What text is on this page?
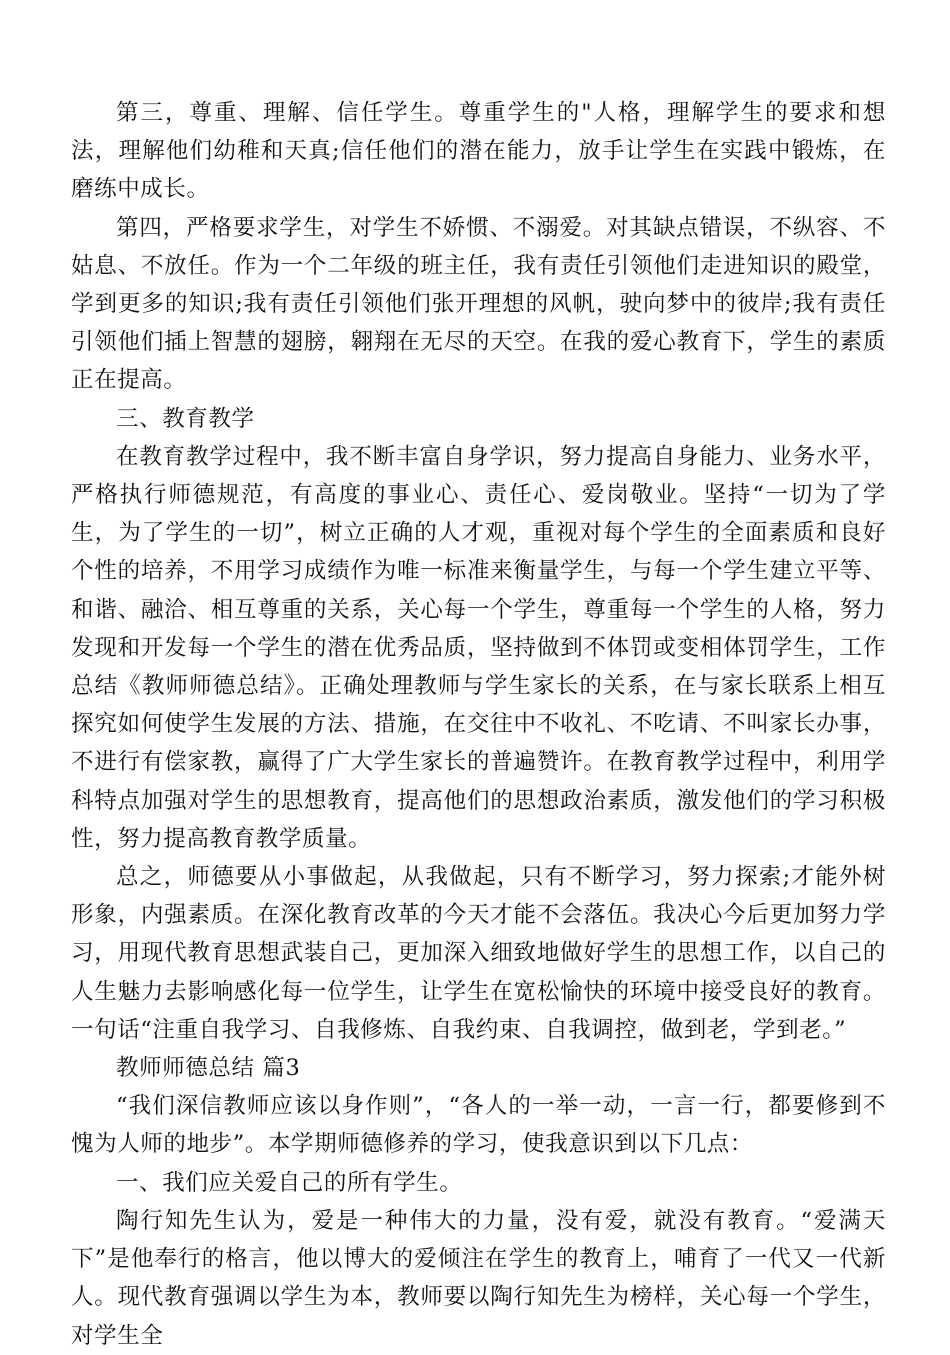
第三，尊重、理解、信任学生。尊重学生的"人格，理解学生的要求和想法，理解他们幼稚和天真;信任他们的潜在能力，放手让学生在实践中锻炼，在磨练中成长。

第四，严格要求学生，对学生不娇惯、不溺爱。对其缺点错误，不纵容、不姑息、不放任。作为一个二年级的班主任，我有责任引领他们走进知识的殿堂，学到更多的知识;我有责任引领他们张开理想的风帆，驶向梦中的彼岸;我有责任引领他们插上智慧的翅膀，翱翔在无尽的天空。在我的爱心教育下，学生的素质正在提高。

三、教育教学

在教育教学过程中，我不断丰富自身学识，努力提高自身能力、业务水平，严格执行师德规范，有高度的事业心、责任心、爱岗敬业。坚持“一切为了学生，为了学生的一切”，树立正确的人才观，重视对每个学生的全面素质和良好个性的培养，不用学习成绩作为唯一标准来衡量学生，与每一个学生建立平等、和谐、融洽、相互尊重的关系，关心每一个学生，尊重每一个学生的人格，努力发现和开发每一个学生的潜在优秀品质，坚持做到不体罚或变相体罚学生，工作总结《教师师德总结》。正确处理教师与学生家长的关系，在与家长联系上相互探究如何使学生发展的方法、措施，在交往中不收礼、不吃请、不叫家长办事，不进行有偿家教，赢得了广大学生家长的普遍赞许。在教育教学过程中，利用学科特点加强对学生的思想教育，提高他们的思想政治素质，激发他们的学习积极性，努力提高教育教学质量。

总之，师德要从小事做起，从我做起，只有不断学习，努力探索;才能外树形象，内强素质。在深化教育改革的今天才能不会落伍。我决心今后更加努力学习，用现代教育思想武装自己，更加深入细致地做好学生的思想工作，以自己的人生魅力去影响感化每一位学生，让学生在宽松愉快的环境中接受良好的教育。一句话“注重自我学习、自我修炼、自我约束、自我调控，做到老，学到老。”

教师师德总结 篇3

“我们深信教师应该以身作则”，“各人的一举一动，一言一行，都要修到不愧为人师的地步”。本学期师德修养的学习，使我意识到以下几点：

一、我们应关爱自己的所有学生。

陶行知先生认为，爱是一种伟大的力量，没有爱，就没有教育。“爱满天下”是他奉行的格言，他以博大的爱倾注在学生的教育上，哺育了一代又一代新人。现代教育强调以学生为本，教师要以陶行知先生为榜样，关心每一个学生，对学生全
